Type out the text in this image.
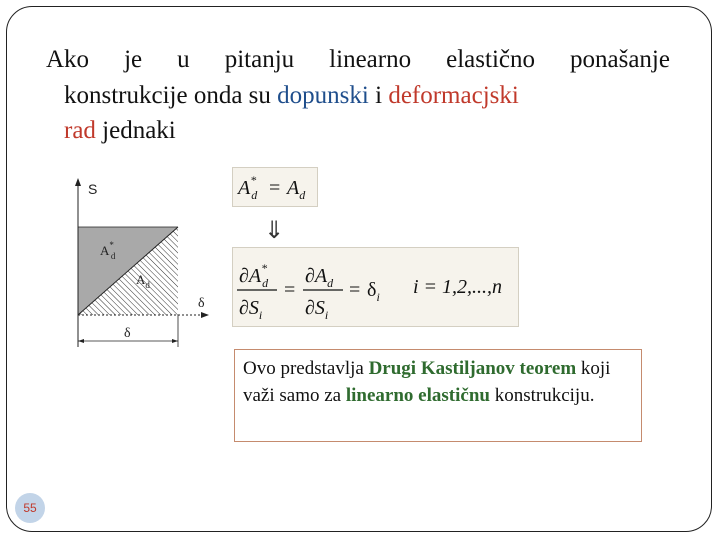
Ako je u pitanju linearno elastično ponašanje
konstrukcije onda su dopunski i deformacjski
rad jednaki
S
δ
δ
A* d
$A_d$
A* $d = A_d$
⇓
∂A* d
$\partial S_i$
=
$\partial A_d$
$\partial S_i$
= $\delta_i$ i = 1,2,...,n
Ovo predstavlja Drugi Kastiljanov teorem koji važi samo za linearno elastičnu konstrukciju.
55
